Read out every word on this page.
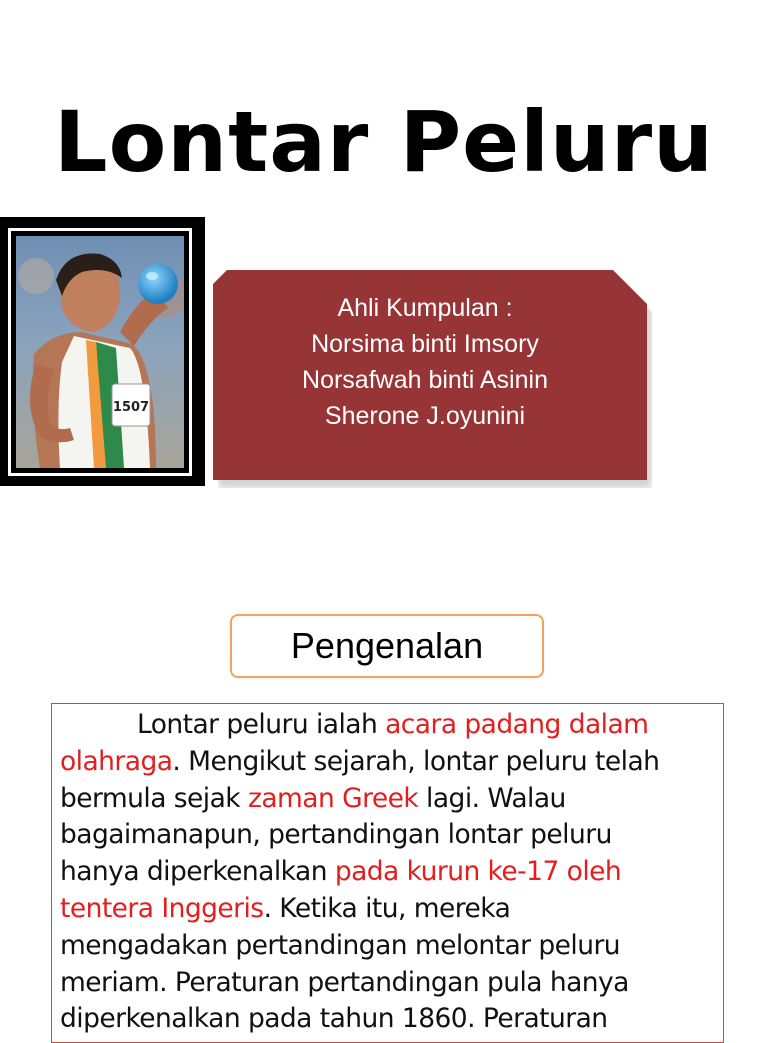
Lontar Peluru
1507
Ahli Kumpulan :
Norsima binti Imsory
Norsafwah binti Asinin
Sherone J.oyunini
Pengenalan
Lontar peluru ialah acara padang dalam
olahraga. Mengikut sejarah, lontar peluru telah
bermula sejak zaman Greek lagi. Walau
bagaimanapun, pertandingan lontar peluru
hanya diperkenalkan pada kurun ke-17 oleh
tentera Inggeris. Ketika itu, mereka
mengadakan pertandingan melontar peluru
meriam. Peraturan pertandingan pula hanya
diperkenalkan pada tahun 1860. Peraturan
